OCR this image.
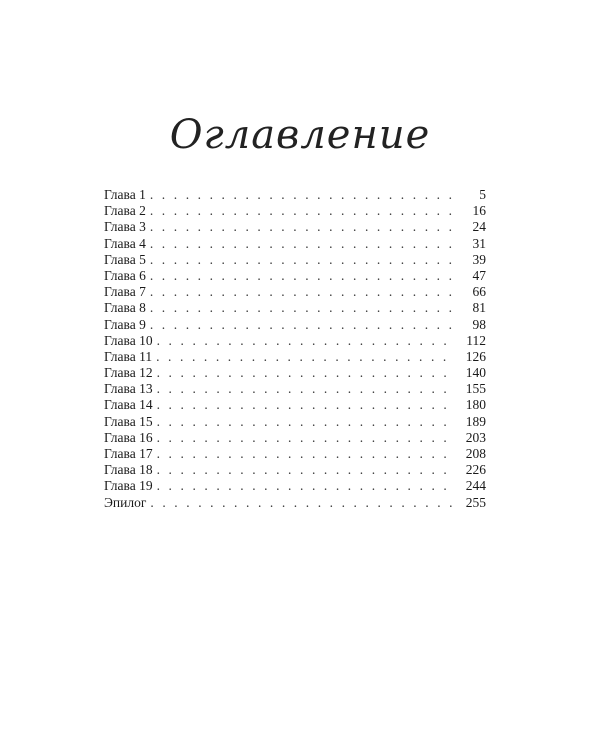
Оглавление
Глава 1 . . .	5
Глава 2 . . .	16
Глава 3 . . .	24
Глава 4 . . .	31
Глава 5 . . .	39
Глава 6 . . .	47
Глава 7 . . .	66
Глава 8 . . .	81
Глава 9 . . .	98
Глава 10 . . .	112
Глава 11 . . .	126
Глава 12 . . .	140
Глава 13 . . .	155
Глава 14 . . .	180
Глава 15 . . .	189
Глава 16 . . .	203
Глава 17 . . .	208
Глава 18 . . .	226
Глава 19 . . .	244
Эпилог . . .	255
